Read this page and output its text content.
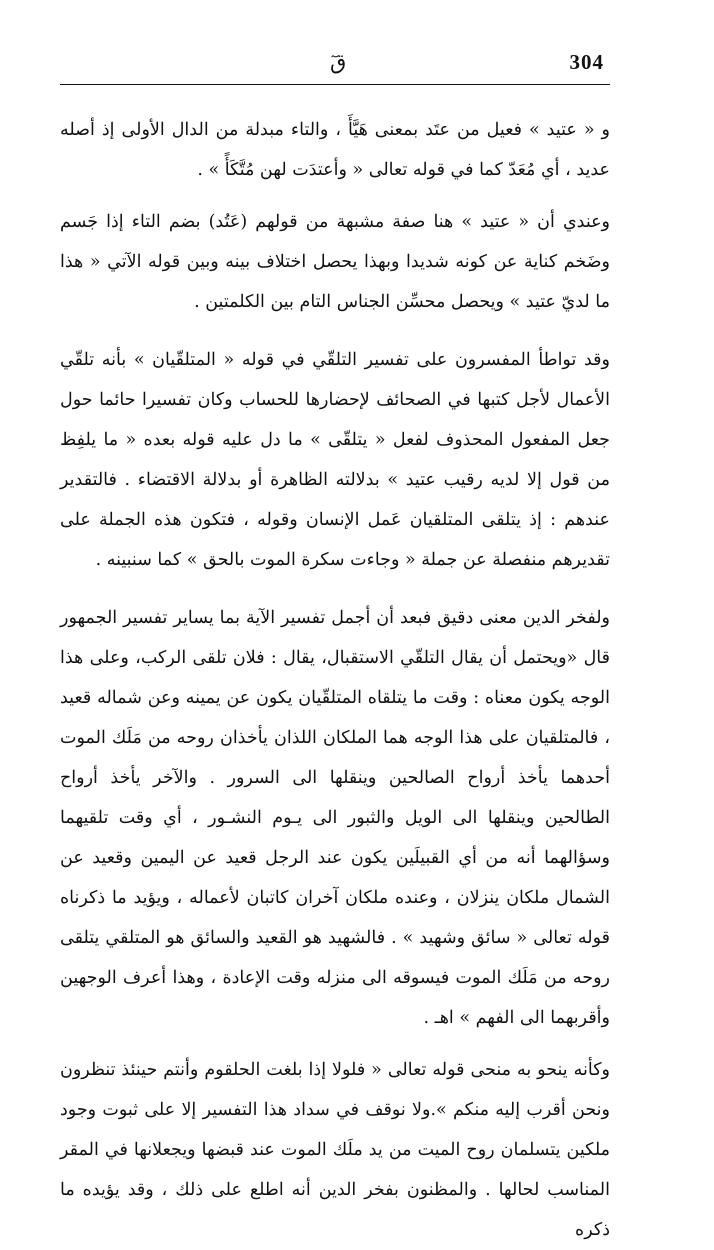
304
قٓ

و « عتيد » فعيل من عتَد بمعنى هَيَّأَ ، والتاء مبدلة من الدال الأولى إذ أصله عديد ، أي مُعَدّ كما في قوله تعالى « وأعتدَت لهن مُتَّكَأً » .

وعندي أن « عتيد » هنا صفة مشبهة من قولهم (عَتُد) بضم التاء إذا جَسم وضَخم كناية عن كونه شديدا وبهذا يحصل اختلاف بينه وبين قوله الآتي « هذا ما لديّ عتيد » ويحصل محسِّن الجناس التام بين الكلمتين .

وقد تواطأ المفسرون على تفسير التلقّي في قوله « المتلقّيان » بأنه تلقّي الأعمال لأجل كتبها في الصحائف لإحضارها للحساب وكان تفسيرا حائما حول جعل المفعول المحذوف لفعل « يتلقّى » ما دل عليه قوله بعده « ما يلفِظ من قول إلا لديه رقيب عتيد » بدلالته الظاهرة أو بدلالة الاقتضاء . فالتقدير عندهم : إذ يتلقى المتلقيان عَمل الإنسان وقوله ، فتكون هذه الجملة على تقديرهم منفصلة عن جملة « وجاءت سكرة الموت بالحق » كما سنبينه .

ولفخر الدين معنى دقيق فبعد أن أجمل تفسير الآية بما يساير تفسير الجمهور قال «ويحتمل أن يقال التلقّي الاستقبال، يقال : فلان تلقى الركب، وعلى هذا الوجه يكون معناه : وقت ما يتلقاه المتلقّيان يكون عن يمينه وعن شماله قعيد ، فالمتلقيان على هذا الوجه هما الملكان اللذان يأخذان روحه من مَلَك الموت أحدهما يأخذ أرواح الصالحين وينقلها الى السرور . والآخر يأخذ أرواح الطالحين وينقلها الى الويل والثبور الى يـوم النشـور ، أي وقت تلقيهما وسؤالهما أنه من أي القبيلَين يكون عند الرجل قعيد عن اليمين وقعيد عن الشمال ملكان ينزلان ، وعنده ملكان آخران كاتبان لأعماله ، ويؤيد ما ذكرناه قوله تعالى « سائق وشهيد » . فالشهيد هو القعيد والسائق هو المتلقي يتلقى روحه من مَلَك الموت فيسوقه الى منزله وقت الإعادة ، وهذا أعرف الوجهين وأقربهما الى الفهم » اهـ .

وكأنه ينحو به منحى قوله تعالى « فلولا إذا بلغت الحلقوم وأنتم حينئذ تنظرون ونحن أقرب إليه منكم ».ولا نوقف في سداد هذا التفسير إلا على ثبوت وجود ملكين يتسلمان روح الميت من يد ملَك الموت عند قبضها ويجعلانها في المقر المناسب لحالها . والمظنون بفخر الدين أنه اطلع على ذلك ، وقد يؤيده ما ذكره
